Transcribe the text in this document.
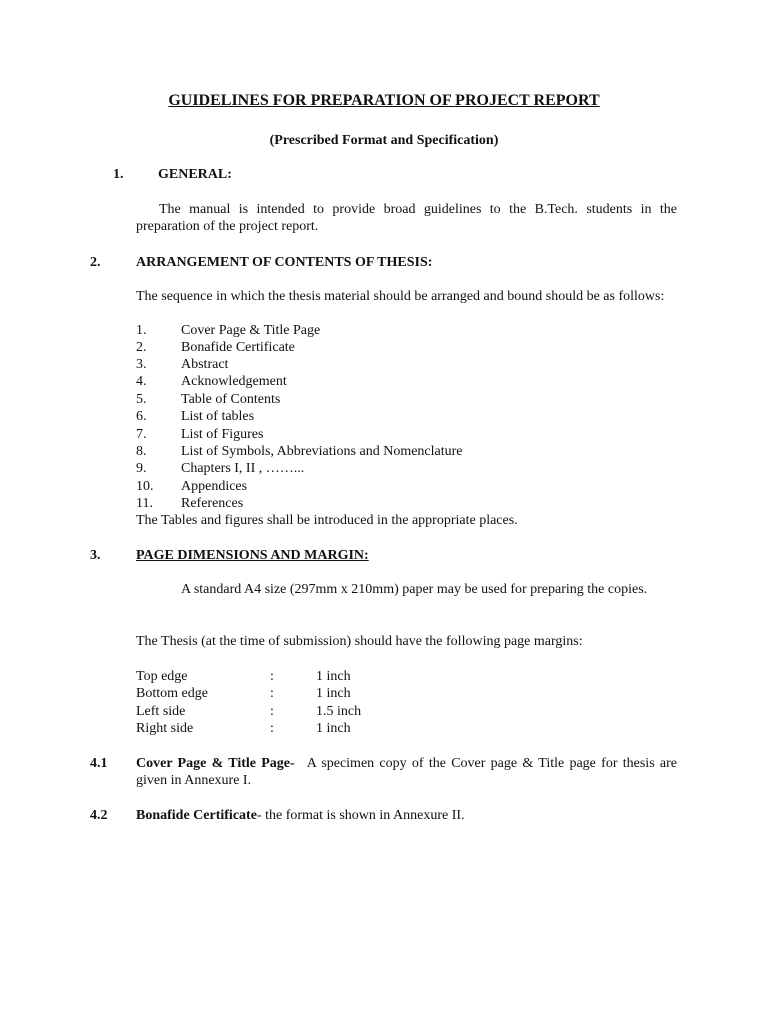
GUIDELINES FOR PREPARATION OF PROJECT REPORT
(Prescribed Format and Specification)
1. GENERAL:
The manual is intended to provide broad guidelines to the B.Tech. students in the preparation of the project report.
2.	ARRANGEMENT OF CONTENTS OF THESIS:
The sequence in which the thesis material should be arranged and bound should be as follows:
1. Cover Page & Title Page
2. Bonafide Certificate
3. Abstract
4. Acknowledgement
5. Table of Contents
6. List of tables
7. List of Figures
8. List of Symbols, Abbreviations and Nomenclature
9. Chapters I, II , ……...
10. Appendices
11. References
The Tables and figures shall be introduced in the appropriate places.
3.	PAGE DIMENSIONS AND MARGIN:
A standard A4 size (297mm x 210mm) paper may be used for preparing the copies.
The Thesis (at the time of submission) should have the following page margins:
Top edge	:	1 inch
Bottom edge	:	1 inch
Left side	:	1.5 inch
Right side	:	1 inch
4.1 Cover Page & Title Page- A specimen copy of the Cover page & Title page for thesis are given in Annexure I.
4.2 Bonafide Certificate- the format is shown in Annexure II.
